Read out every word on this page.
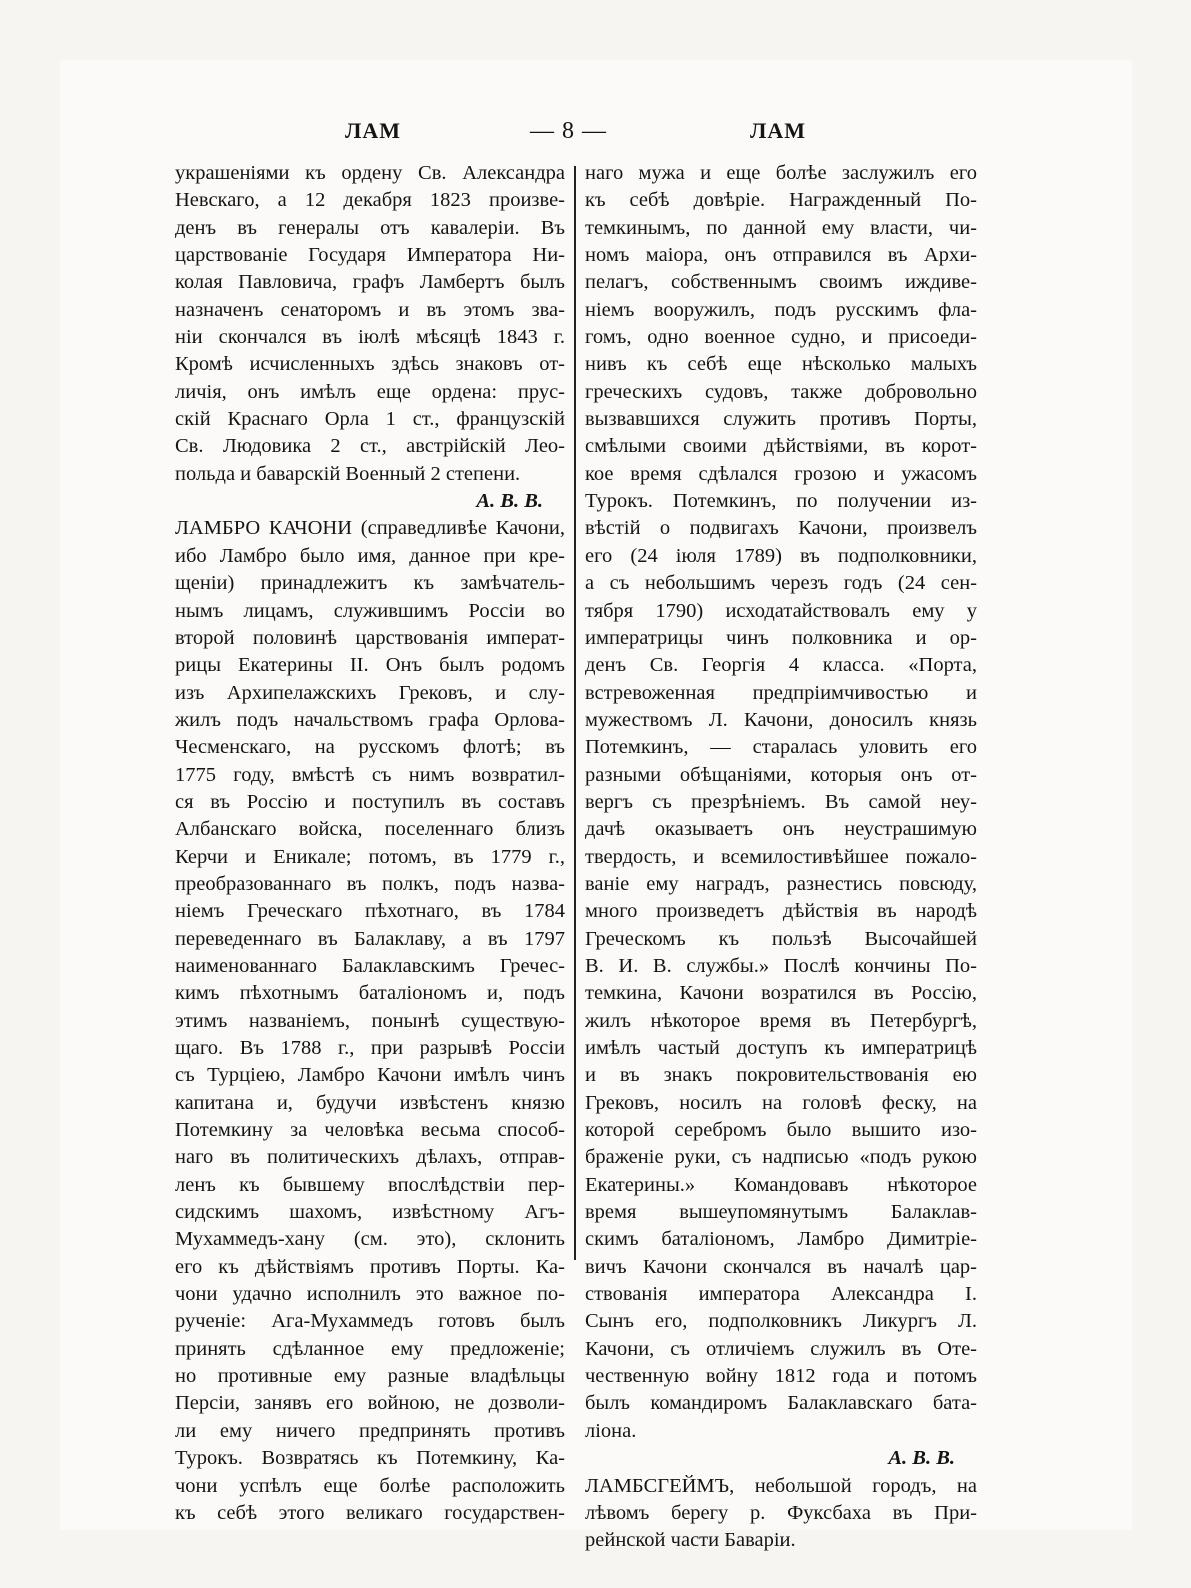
ЛАМ	— 8 —	ЛАМ
украшеніями къ ордену Св. Александра
Невскаго, а 12 декабря 1823 произве-
денъ въ генералы отъ кавалеріи. Въ
царствованіе Государя Императора Ни-
колая Павловича, графъ Ламбертъ былъ
назначенъ сенаторомъ и въ этомъ зва-
ніи скончался въ іюлѣ мѣсяцѣ 1843 г.
Кромѣ исчисленныхъ здѣсь знаковъ от-
личія, онъ имѣлъ еще ордена: прус-
скій Краснаго Орла 1 ст., французскій
Св. Людовика 2 ст., австрійскій Лео-
польда и баварскій Военный 2 степени.
А. В. В.
ЛАМБРО КАЧОНИ (справедливѣе Качони,
ибо Ламбро было имя, данное при кре-
щеніи) принадлежитъ къ замѣчатель-
нымъ лицамъ, служившимъ Россіи во
второй половинѣ царствованія императ-
рицы Екатерины II. Онъ былъ родомъ
изъ Архипелажскихъ Грековъ, и слу-
жилъ подъ начальствомъ графа Орлова-
Чесменскаго, на русскомъ флотѣ; въ
1775 году, вмѣстѣ съ нимъ возвратил-
ся въ Россію и поступилъ въ составъ
Албанскаго войска, поселеннаго близъ
Керчи и Еникале; потомъ, въ 1779 г.,
преобразованнаго въ полкъ, подъ назва-
ніемъ Греческаго пѣхотнаго, въ 1784
переведеннаго въ Балаклаву, а въ 1797
наименованнаго Балаклавскимъ Гречес-
кимъ пѣхотнымъ баталіономъ и, подъ
этимъ названіемъ, понынѣ существую-
щаго. Въ 1788 г., при разрывѣ Россіи
съ Турціею, Ламбро Качони имѣлъ чинъ
капитана и, будучи извѣстенъ князю
Потемкину за человѣка весьма способ-
наго въ политическихъ дѣлахъ, отправ-
ленъ къ бывшему впослѣдствіи пер-
сидскимъ шахомъ, извѣстному Агъ-
Мухаммедъ-хану (см. это), склонить
его къ дѣйствіямъ противъ Порты. Ка-
чони удачно исполнилъ это важное по-
рученіе: Ага-Мухаммедъ готовъ былъ
принять сдѣланное ему предложеніе;
но противные ему разные владѣльцы
Персіи, занявъ его войною, не дозволи-
ли ему ничего предпринять противъ
Турокъ. Возвратясь къ Потемкину, Ка-
чони успѣлъ еще болѣе расположить
къ себѣ этого великаго государствен-
наго мужа и еще болѣе заслужилъ его
къ себѣ довѣріе. Награжденный По-
темкинымъ, по данной ему власти, чи-
номъ маіора, онъ отправился въ Архи-
пелагъ, собственнымъ своимъ иждиве-
ніемъ вооружилъ, подъ русскимъ фла-
гомъ, одно военное судно, и присоеди-
нивъ къ себѣ еще нѣсколько малыхъ
греческихъ судовъ, также добровольно
вызвавшихся служить противъ Порты,
смѣлыми своими дѣйствіями, въ корот-
кое время сдѣлался грозою и ужасомъ
Турокъ. Потемкинъ, по получении из-
вѣстій о подвигахъ Качони, произвелъ
его (24 іюля 1789) въ подполковники,
а съ небольшимъ черезъ годъ (24 сен-
тября 1790) исходатайствовалъ ему у
императрицы чинъ полковника и ор-
денъ Св. Георгія 4 класса. «Порта,
встревоженная предпріимчивостью и
мужествомъ Л. Качони, доносилъ князь
Потемкинъ, — старалась уловить его
разными обѣщаніями, которыя онъ от-
вергъ съ презрѣніемъ. Въ самой неу-
дачѣ оказываетъ онъ неустрашимую
твердость, и всемилостивѣйшее пожало-
ваніе ему наградъ, разнестись повсюду,
много произведетъ дѣйствія въ народѣ
Греческомъ къ пользѣ Высочайшей
В. И. В. службы.» Послѣ кончины По-
темкина, Качони возратился въ Россію,
жилъ нѣкоторое время въ Петербургѣ,
имѣлъ частый доступъ къ императрицѣ
и въ знакъ покровительствованія ею
Грековъ, носилъ на головѣ феску, на
которой серебромъ было вышито изо-
браженіе руки, съ надписью «подъ рукою
Екатерины.» Командовавъ нѣкоторое
время вышеупомянутымъ Балаклав-
скимъ баталіономъ, Ламбро Димитріе-
вичъ Качони скончался въ началѣ цар-
ствованія императора Александра I.
Сынъ его, подполковникъ Ликургъ Л.
Качони, съ отличіемъ служилъ въ Оте-
чественную войну 1812 года и потомъ
былъ командиромъ Балаклавскаго бата-
ліона.
А. В. В.
ЛАМБСГЕЙМЪ, небольшой городъ, на
лѣвомъ берегу р. Фуксбаха въ При-
рейнской части Баваріи.
